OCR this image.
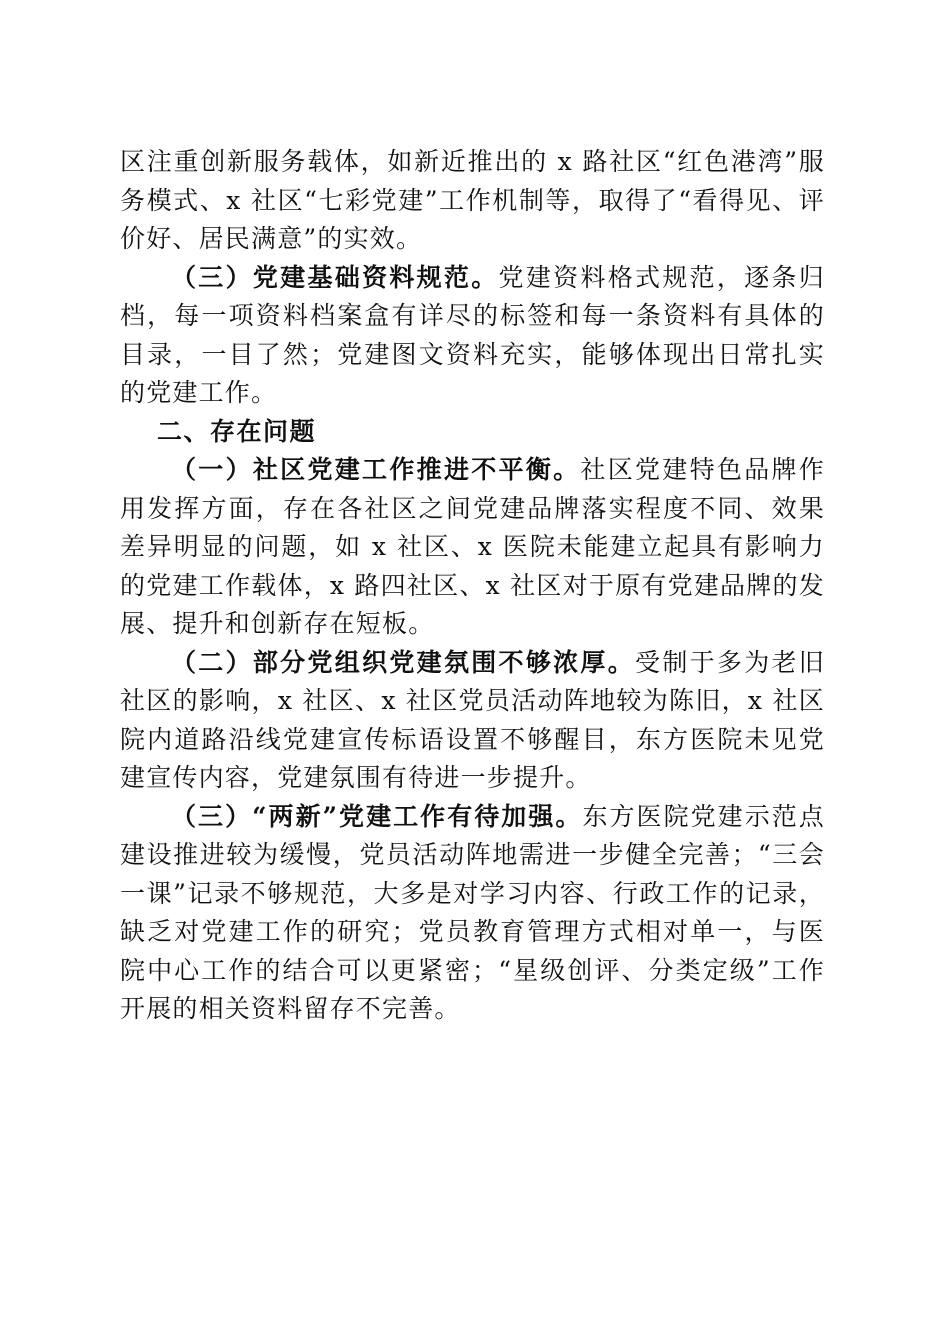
区注重创新服务载体，如新近推出的 x 路社区“红色港湾”服务模式、x 社区“七彩党建”工作机制等，取得了“看得见、评价好、居民满意”的实效。

（三）党建基础资料规范。党建资料格式规范，逐条归档，每一项资料档案盒有详尽的标签和每一条资料有具体的目录，一目了然；党建图文资料充实，能够体现出日常扎实的党建工作。

二、存在问题

（一）社区党建工作推进不平衡。社区党建特色品牌作用发挥方面，存在各社区之间党建品牌落实程度不同、效果差异明显的问题，如 x 社区、x 医院未能建立起具有影响力的党建工作载体，x 路四社区、x 社区对于原有党建品牌的发展、提升和创新存在短板。

（二）部分党组织党建氛围不够浓厚。受制于多为老旧社区的影响，x 社区、x 社区党员活动阵地较为陈旧，x 社区院内道路沿线党建宣传标语设置不够醒目，东方医院未见党建宣传内容，党建氛围有待进一步提升。

（三）“两新”党建工作有待加强。东方医院党建示范点建设推进较为缓慢，党员活动阵地需进一步健全完善；“三会一课”记录不够规范，大多是对学习内容、行政工作的记录，缺乏对党建工作的研究；党员教育管理方式相对单一，与医院中心工作的结合可以更紧密；“星级创评、分类定级”工作开展的相关资料留存不完善。
